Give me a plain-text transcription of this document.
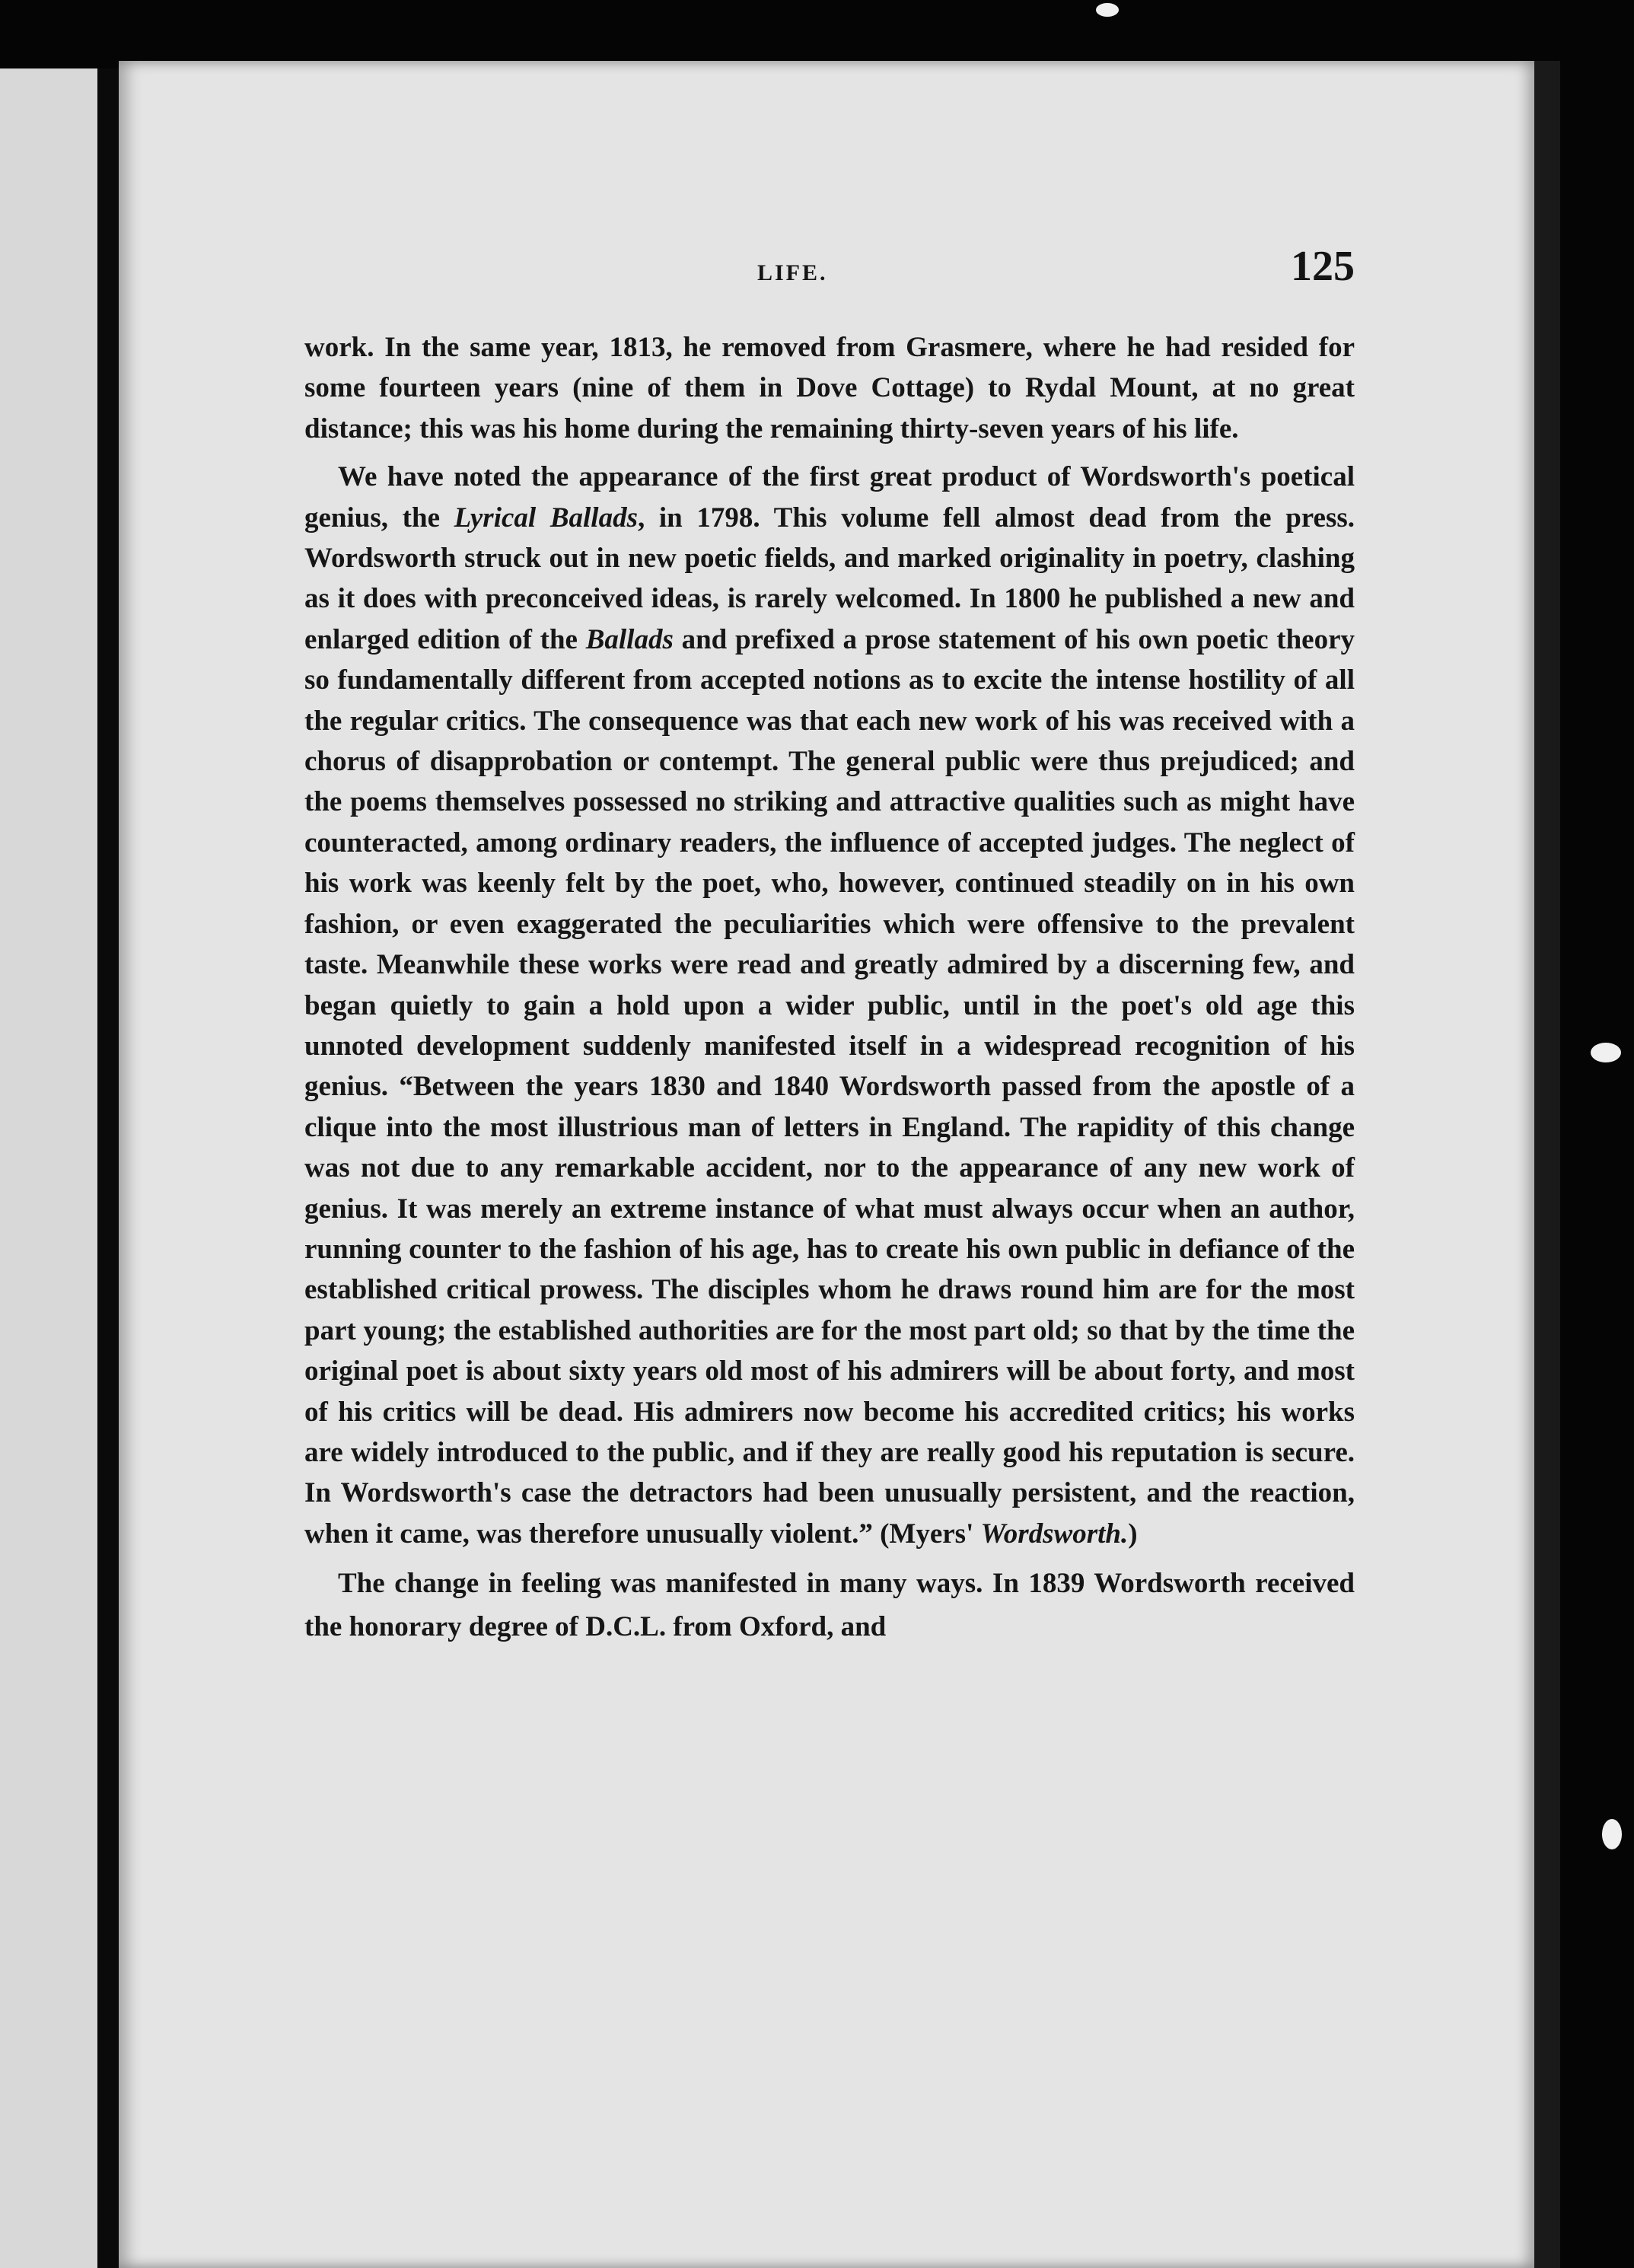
LIFE.	125

work. In the same year, 1813, he removed from Grasmere, where he had resided for some fourteen years (nine of them in Dove Cottage) to Rydal Mount, at no great distance; this was his home during the remaining thirty-seven years of his life.

We have noted the appearance of the first great product of Wordsworth's poetical genius, the Lyrical Ballads, in 1798. This volume fell almost dead from the press. Wordsworth struck out in new poetic fields, and marked originality in poetry, clashing as it does with preconceived ideas, is rarely welcomed. In 1800 he published a new and enlarged edition of the Ballads and prefixed a prose statement of his own poetic theory so fundamentally different from accepted notions as to excite the intense hostility of all the regular critics. The consequence was that each new work of his was received with a chorus of disapprobation or contempt. The general public were thus prejudiced; and the poems themselves possessed no striking and attractive qualities such as might have counteracted, among ordinary readers, the influence of accepted judges. The neglect of his work was keenly felt by the poet, who, however, continued steadily on in his own fashion, or even exaggerated the peculiarities which were offensive to the prevalent taste. Meanwhile these works were read and greatly admired by a discerning few, and began quietly to gain a hold upon a wider public, until in the poet's old age this unnoted development suddenly manifested itself in a widespread recognition of his genius. “Between the years 1830 and 1840 Wordsworth passed from the apostle of a clique into the most illustrious man of letters in England. The rapidity of this change was not due to any remarkable accident, nor to the appearance of any new work of genius. It was merely an extreme instance of what must always occur when an author, running counter to the fashion of his age, has to create his own public in defiance of the established critical prowess. The disciples whom he draws round him are for the most part young; the established authorities are for the most part old; so that by the time the original poet is about sixty years old most of his admirers will be about forty, and most of his critics will be dead. His admirers now become his accredited critics; his works are widely introduced to the public, and if they are really good his reputation is secure. In Wordsworth's case the detractors had been unusually persistent, and the reaction, when it came, was therefore unusually violent.” (Myers' Wordsworth.)

The change in feeling was manifested in many ways. In 1839 Wordsworth received the honorary degree of D.C.L. from Oxford, and
